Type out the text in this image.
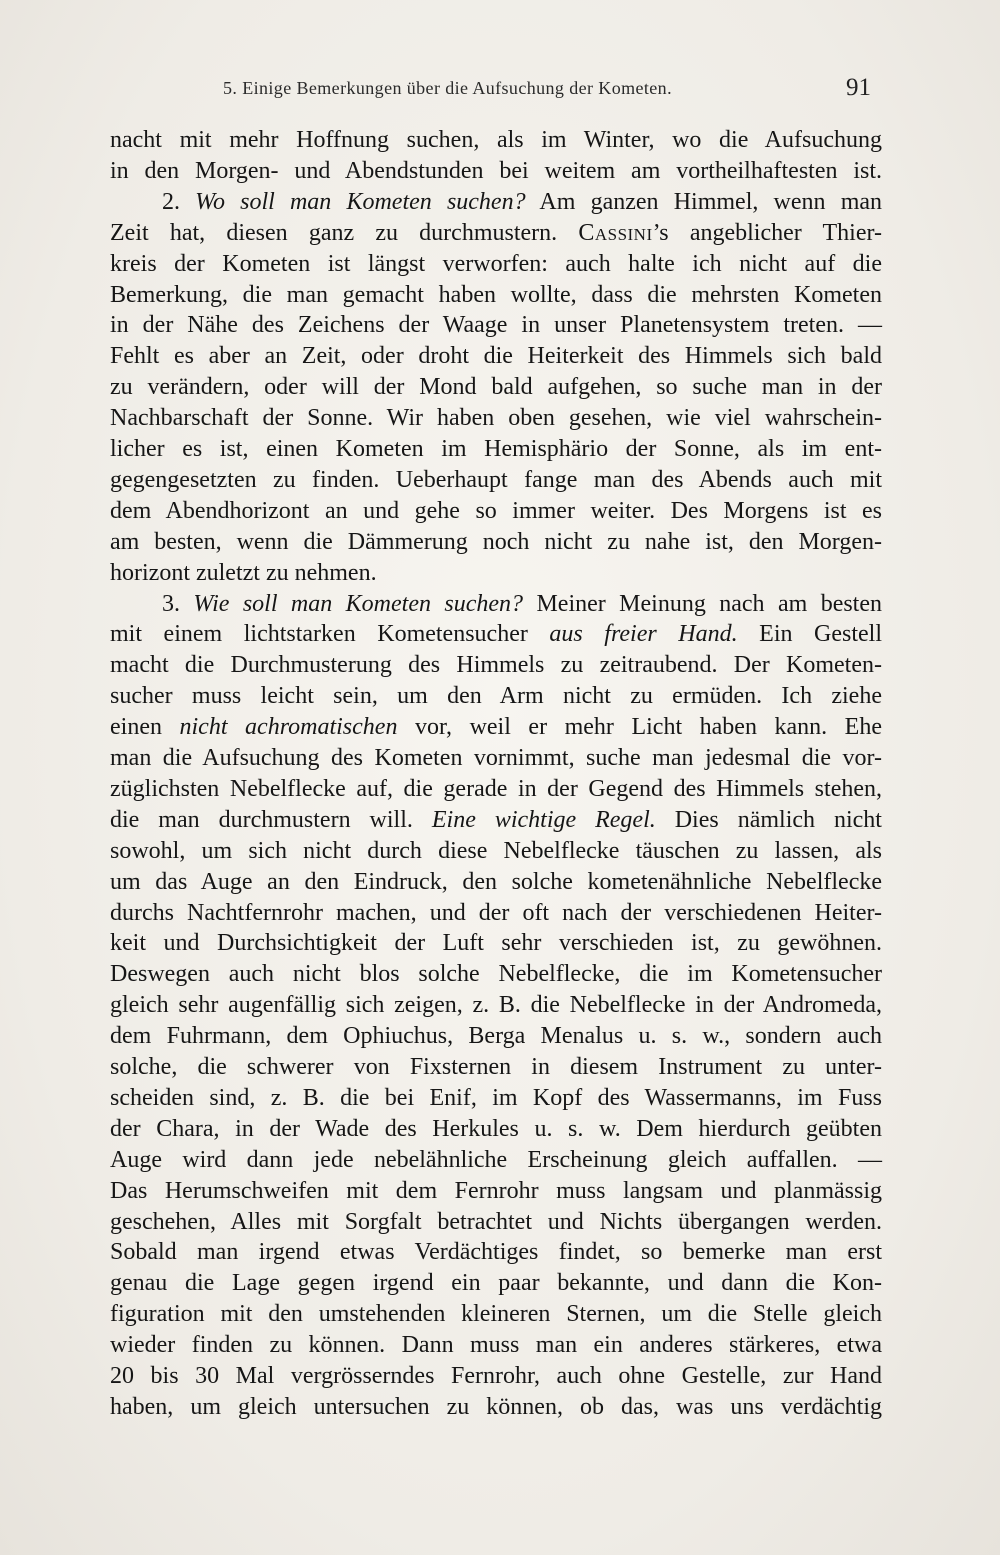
5. Einige Bemerkungen über die Aufsuchung der Kometen.	91
nacht mit mehr Hoffnung suchen, als im Winter, wo die Aufsuchung
in den Morgen- und Abendstunden bei weitem am vortheilhaftesten ist.
2. Wo soll man Kometen suchen? Am ganzen Himmel, wenn man
Zeit hat, diesen ganz zu durchmustern. Cassini’s angeblicher Thier-
kreis der Kometen ist längst verworfen: auch halte ich nicht auf die
Bemerkung, die man gemacht haben wollte, dass die mehrsten Kometen
in der Nähe des Zeichens der Waage in unser Planetensystem treten. —
Fehlt es aber an Zeit, oder droht die Heiterkeit des Himmels sich bald
zu verändern, oder will der Mond bald aufgehen, so suche man in der
Nachbarschaft der Sonne. Wir haben oben gesehen, wie viel wahrschein-
licher es ist, einen Kometen im Hemisphärio der Sonne, als im ent-
gegengesetzten zu finden. Ueberhaupt fange man des Abends auch mit
dem Abendhorizont an und gehe so immer weiter. Des Morgens ist es
am besten, wenn die Dämmerung noch nicht zu nahe ist, den Morgen-
horizont zuletzt zu nehmen.
3. Wie soll man Kometen suchen? Meiner Meinung nach am besten
mit einem lichtstarken Kometensucher aus freier Hand. Ein Gestell
macht die Durchmusterung des Himmels zu zeitraubend. Der Kometen-
sucher muss leicht sein, um den Arm nicht zu ermüden. Ich ziehe
einen nicht achromatischen vor, weil er mehr Licht haben kann. Ehe
man die Aufsuchung des Kometen vornimmt, suche man jedesmal die vor-
züglichsten Nebelflecke auf, die gerade in der Gegend des Himmels stehen,
die man durchmustern will. Eine wichtige Regel. Dies nämlich nicht
sowohl, um sich nicht durch diese Nebelflecke täuschen zu lassen, als
um das Auge an den Eindruck, den solche kometenähnliche Nebelflecke
durchs Nachtfernrohr machen, und der oft nach der verschiedenen Heiter-
keit und Durchsichtigkeit der Luft sehr verschieden ist, zu gewöhnen.
Deswegen auch nicht blos solche Nebelflecke, die im Kometensucher
gleich sehr augenfällig sich zeigen, z. B. die Nebelflecke in der Andromeda,
dem Fuhrmann, dem Ophiuchus, Berga Menalus u. s. w., sondern auch
solche, die schwerer von Fixsternen in diesem Instrument zu unter-
scheiden sind, z. B. die bei Enif, im Kopf des Wassermanns, im Fuss
der Chara, in der Wade des Herkules u. s. w. Dem hierdurch geübten
Auge wird dann jede nebelähnliche Erscheinung gleich auffallen. —
Das Herumschweifen mit dem Fernrohr muss langsam und planmässig
geschehen, Alles mit Sorgfalt betrachtet und Nichts übergangen werden.
Sobald man irgend etwas Verdächtiges findet, so bemerke man erst
genau die Lage gegen irgend ein paar bekannte, und dann die Kon-
figuration mit den umstehenden kleineren Sternen, um die Stelle gleich
wieder finden zu können. Dann muss man ein anderes stärkeres, etwa
20 bis 30 Mal vergrösserndes Fernrohr, auch ohne Gestelle, zur Hand
haben, um gleich untersuchen zu können, ob das, was uns verdächtig
